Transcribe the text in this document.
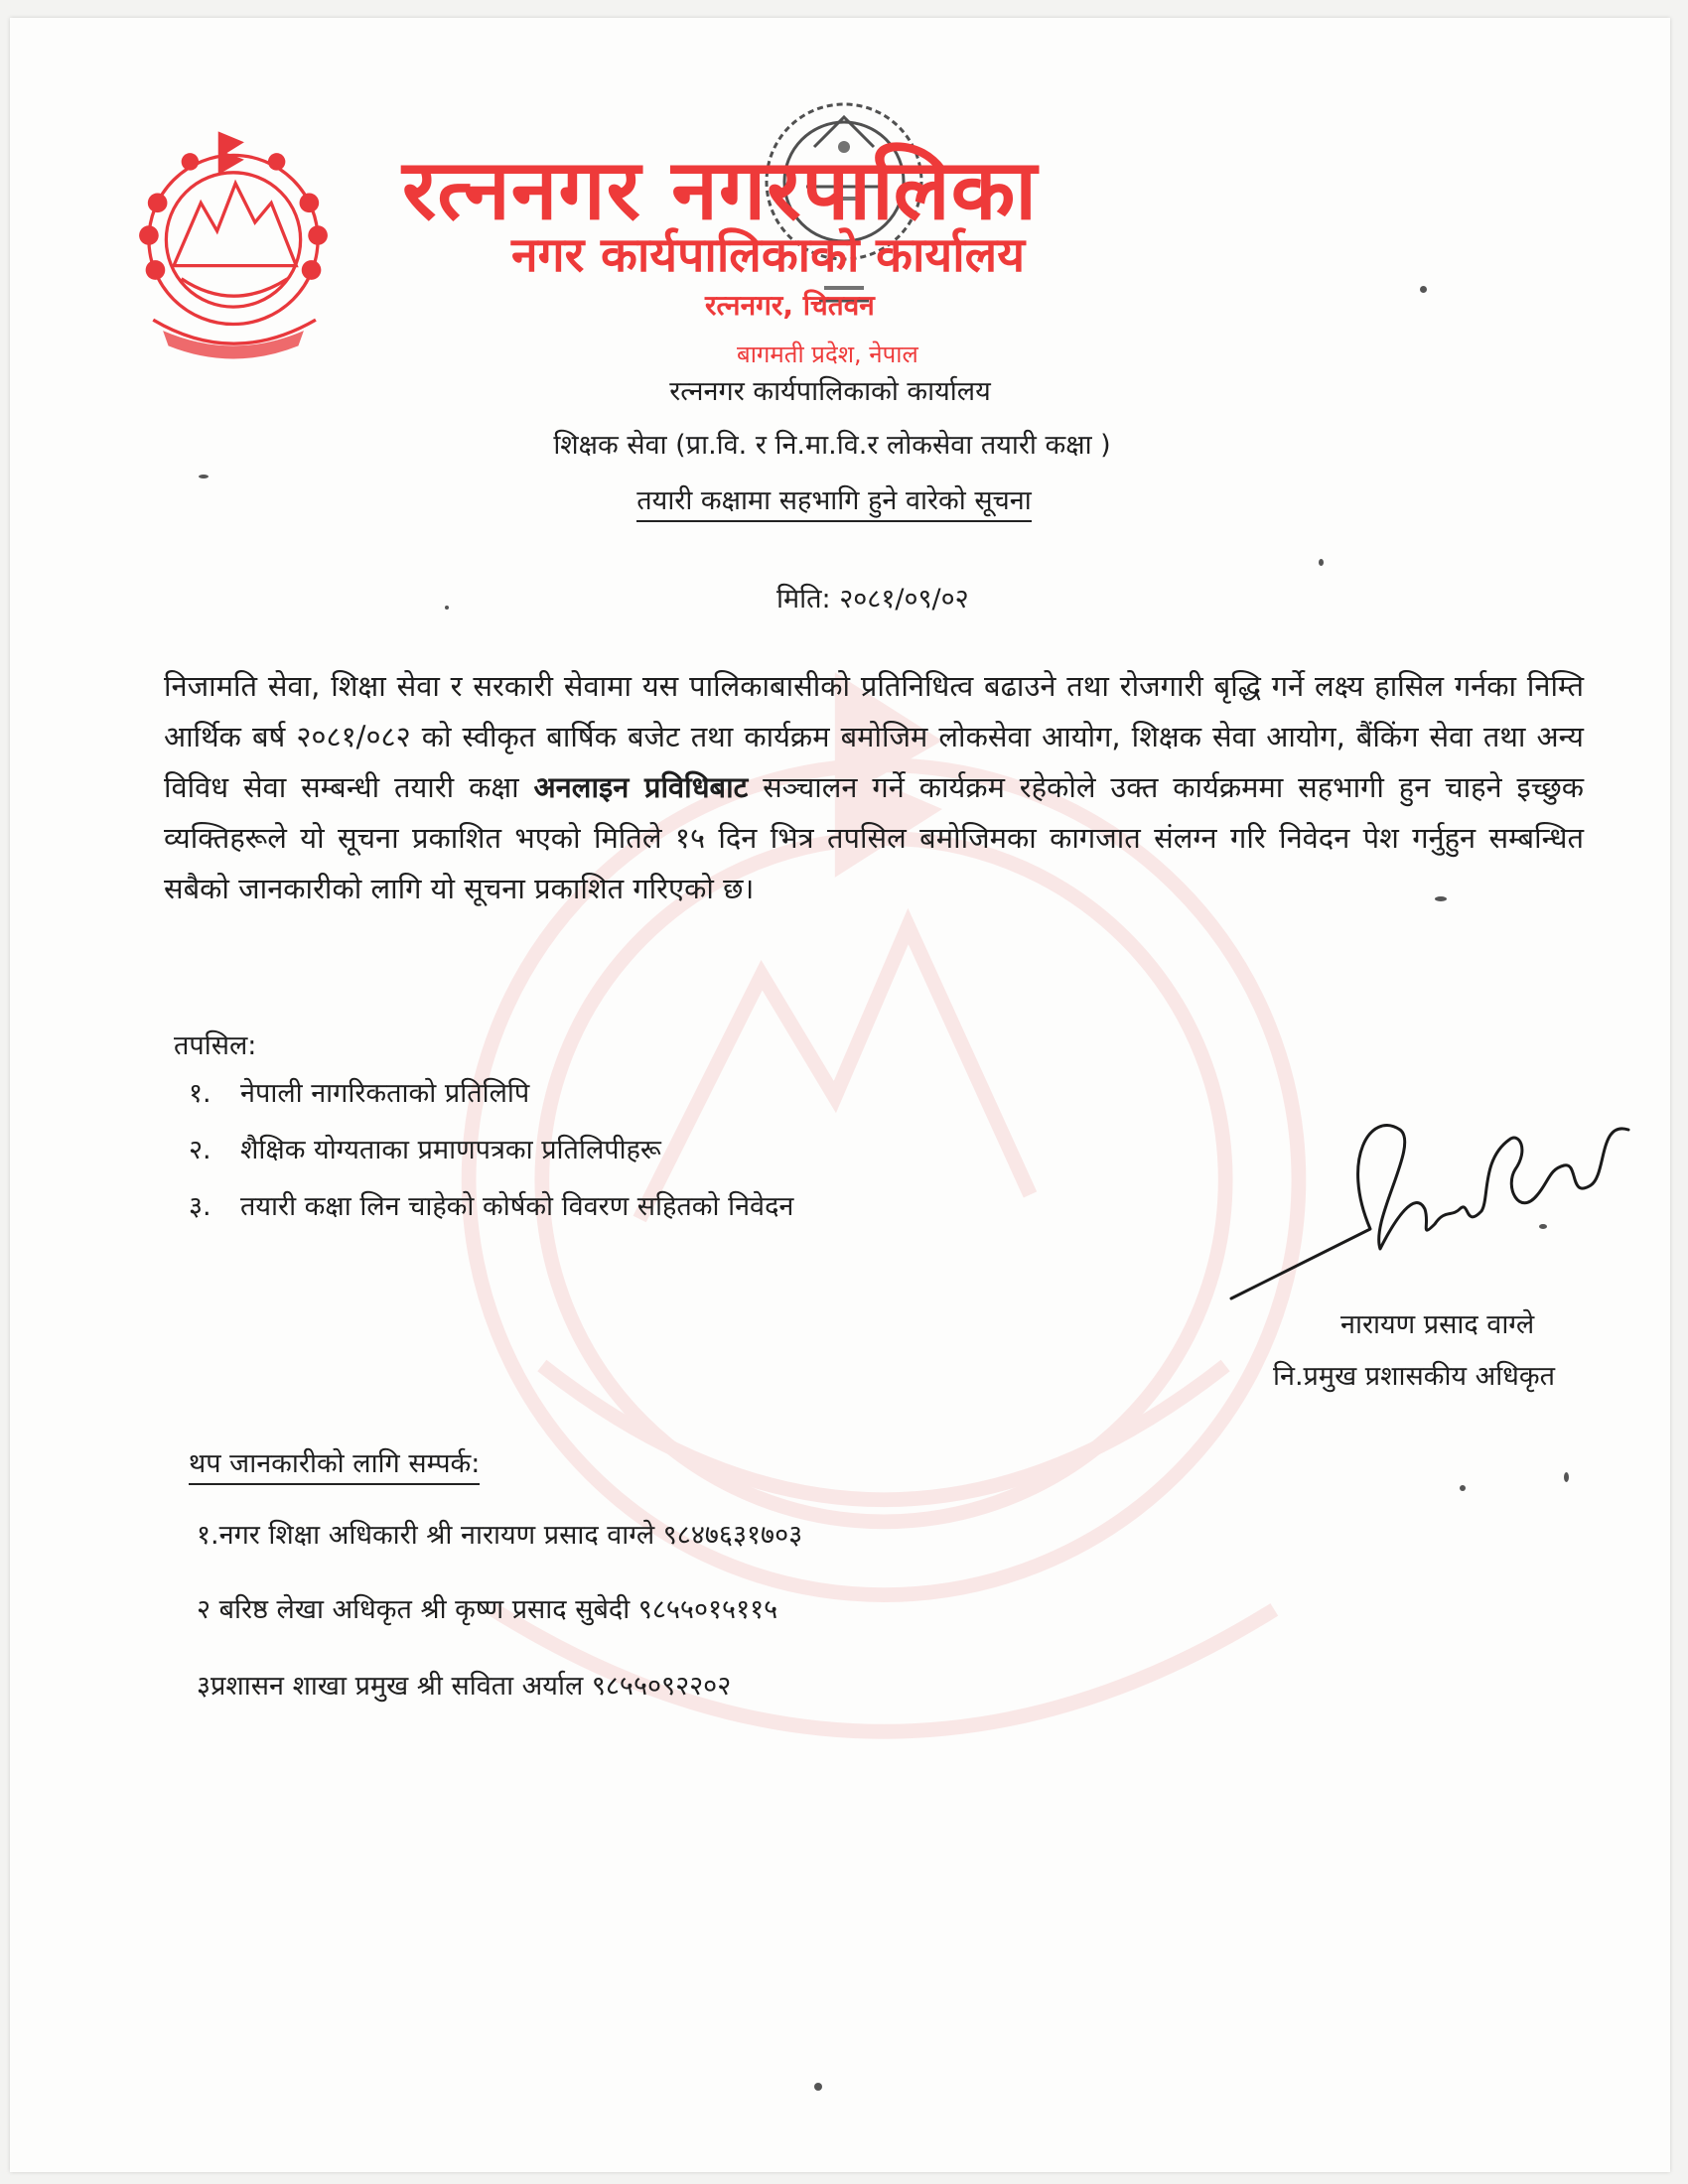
रत्ननगर नगरपालिका
नगर कार्यपालिकाको कार्यालय
रत्ननगर, चितवन
बागमती प्रदेश, नेपाल
रत्ननगर कार्यपालिकाको कार्यालय
शिक्षक सेवा (प्रा.वि. र नि.मा.वि.र लोकसेवा तयारी कक्षा )
तयारी कक्षामा सहभागि हुने वारेको सूचना
मिति: २०८१/०९/०२
निजामति सेवा, शिक्षा सेवा र सरकारी सेवामा यस पालिकाबासीको प्रतिनिधित्व बढाउने तथा रोजगारी बृद्धि गर्ने लक्ष्य हासिल गर्नका निम्ति आर्थिक बर्ष २०८१/०८२ को स्वीकृत बार्षिक बजेट तथा कार्यक्रम बमोजिम लोकसेवा आयोग, शिक्षक सेवा आयोग, बैंकिंग सेवा तथा अन्य विविध सेवा सम्बन्धी तयारी कक्षा अनलाइन प्रविधिबाट सञ्चालन गर्ने कार्यक्रम रहेकोले उक्त कार्यक्रममा सहभागी हुन चाहने इच्छुक व्यक्तिहरूले यो सूचना प्रकाशित भएको मितिले १५ दिन भित्र तपसिल बमोजिमका कागजात संलग्न गरि निवेदन पेश गर्नुहुन सम्बन्धित सबैको जानकारीको लागि यो सूचना प्रकाशित गरिएको छ।
तपसिल:
१. नेपाली नागरिकताको प्रतिलिपि
२. शैक्षिक योग्यताका प्रमाणपत्रका प्रतिलिपीहरू
३. तयारी कक्षा लिन चाहेको कोर्षको विवरण सहितको निवेदन
नारायण प्रसाद वाग्ले
नि.प्रमुख प्रशासकीय अधिकृत
थप जानकारीको लागि सम्पर्क:
१.नगर शिक्षा अधिकारी श्री नारायण प्रसाद वाग्ले ९८४७६३१७०३
२ बरिष्ठ लेखा अधिकृत श्री कृष्ण प्रसाद सुबेदी ९८५५०१५११५
३प्रशासन शाखा प्रमुख श्री सविता अर्याल ९८५५०९२२०२
